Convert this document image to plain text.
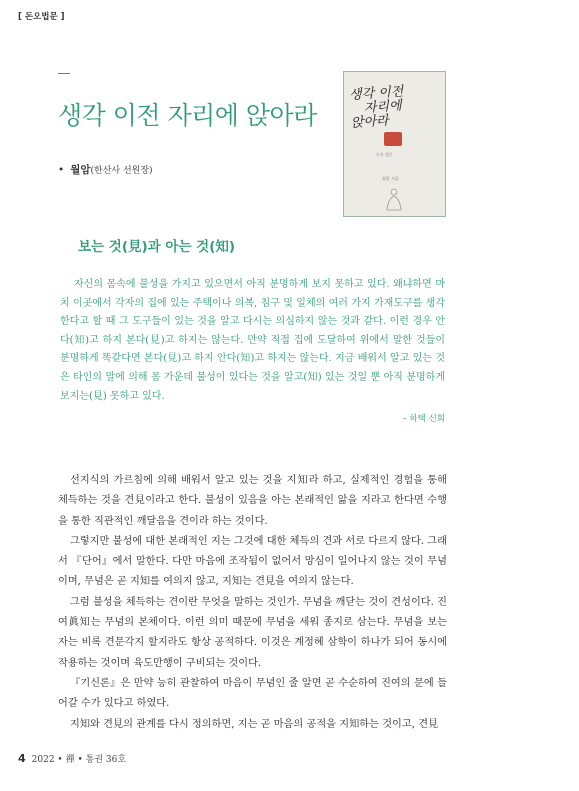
[ 돈오법문 ]
생각 이전 자리에 앉아라
• 월암(한산사 선원장)
생각 이전
자리에
앉아라
돈오 법문
월암 지음
보는 것(見)과 아는 것(知)

자신의 몸속에 불성을 가지고 있으면서 아직 분명하게 보지 못하고 있다. 왜냐하면 마치 이곳에서 각자의 집에 있는 주택이나 의복, 침구 및 일체의 여러 가지 가재도구를 생각한다고 할 때 그 도구들이 있는 것을 알고 다시는 의심하지 않는 것과 같다. 이런 경우 안다(知)고 하지 본다(見)고 하지는 않는다. 만약 직접 집에 도달하여 위에서 말한 것들이 분명하게 똑같다면 본다(見)고 하지 안다(知)고 하지는 않는다. 지금 배워서 알고 있는 것은 타인의 말에 의해 몸 가운데 불성이 있다는 것을 알고(知) 있는 것일 뿐 아직 분명하게 보지는(見) 못하고 있다.

– 하택 신회

선지식의 가르침에 의해 배워서 알고 있는 것을 지知라 하고, 실제적인 경험을 통해 체득하는 것을 견見이라고 한다. 불성이 있음을 아는 본래적인 앎을 지라고 한다면 수행을 통한 직관적인 깨달음을 견이라 하는 것이다.

그렇지만 불성에 대한 본래적인 지는 그것에 대한 체득의 견과 서로 다르지 않다. 그래서 『단어』에서 말한다. 다만 마음에 조작됨이 없어서 망심이 일어나지 않는 것이 무념이며, 무념은 곧 지知를 여의지 않고, 지知는 견見을 여의지 않는다.

그럼 불성을 체득하는 견이란 무엇을 말하는 것인가. 무념을 깨닫는 것이 견성이다. 진여眞知는 무념의 본체이다. 이런 의미 때문에 무념을 세워 종지로 삼는다. 무념을 보는 자는 비록 견문각지 할지라도 항상 공적하다. 이것은 계정혜 삼학이 하나가 되어 동시에 작용하는 것이며 육도만행이 구비되는 것이다.

『기신론』은 만약 능히 관찰하여 마음이 무념인 줄 알면 곧 수순하여 진여의 문에 들어갈 수가 있다고 하였다.

지知와 견見의 관계를 다시 정의하면, 지는 곧 마음의 공적을 지知하는 것이고, 견見

4 2022 • 禪 • 통권 36호
